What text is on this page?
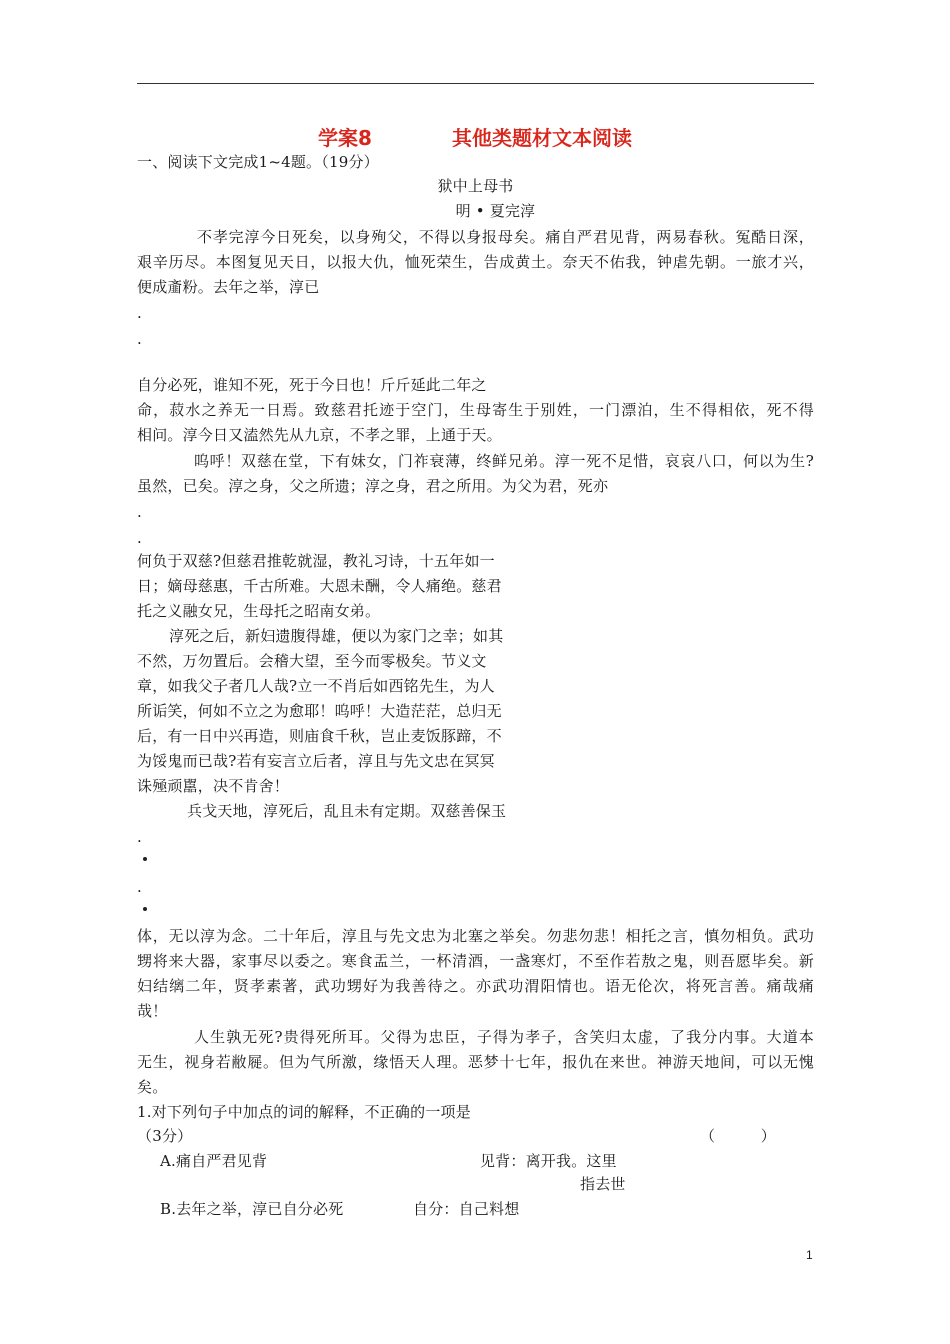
学案8　　　　其他类题材文本阅读
一、阅读下文完成1~4题。（19分）
狱中上母书
明 • 夏完淳
不孝完淳今日死矣，以身殉父，不得以身报母矣。痛自严君见背，两易春秋。冤酷日深，
艰辛历尽。本图复见天日，以报大仇，恤死荣生，告成黄土。奈天不佑我，钟虐先朝。一旅才兴，
便成齑粉。去年之举，淳已
.
.
自分必死，谁知不死，死于今日也！斤斤延此二年之
命，菽水之养无一日焉。致慈君托迹于空门，生母寄生于别姓，一门漂泊，生不得相依，死不得
相问。淳今日又溘然先从九京，不孝之罪，上通于天。
呜呼！双慈在堂，下有妹女，门祚衰薄，终鲜兄弟。淳一死不足惜，哀哀八口，何以为生?
虽然，已矣。淳之身，父之所遗；淳之身，君之所用。为父为君，死亦
.
.
何负于双慈?但慈君推乾就湿，教礼习诗，十五年如一
日；嫡母慈惠，千古所难。大恩未酬，令人痛绝。慈君
托之义融女兄，生母托之昭南女弟。
淳死之后，新妇遗腹得雄，便以为家门之幸；如其
不然，万勿置后。会稽大望，至今而零极矣。节义文
章，如我父子者几人哉?立一不肖后如西铭先生，为人
所诟笑，何如不立之为愈耶！呜呼！大造茫茫，总归无
后，有一日中兴再造，则庙食千秋，岂止麦饭豚蹄，不
为馁鬼而已哉?若有妄言立后者，淳且与先文忠在冥冥
诛殛顽嚚，决不肯舍！
兵戈天地，淳死后，乱且未有定期。双慈善保玉
.
.
体，无以淳为念。二十年后，淳且与先文忠为北塞之举矣。勿悲勿悲！相托之言，慎勿相负。武功
甥将来大器，家事尽以委之。寒食盂兰，一杯清酒，一盏寒灯，不至作若敖之鬼，则吾愿毕矣。新
妇结缡二年，贤孝素著，武功甥好为我善待之。亦武功渭阳情也。语无伦次，将死言善。痛哉痛
哉！
人生孰无死?贵得死所耳。父得为忠臣，子得为孝子，含笑归太虚，了我分内事。大道本
无生，视身若敝屣。但为气所激，缘悟天人理。恶梦十七年，报仇在来世。神游天地间，可以无愧
矣。
1.对下列句子中加点的词的解释，不正确的一项是
（3分）	（　　　）
A.痛自严君见背	见背：离开我。这里
指去世
B.去年之举，淳已自分必死	自分：自己料想
1
